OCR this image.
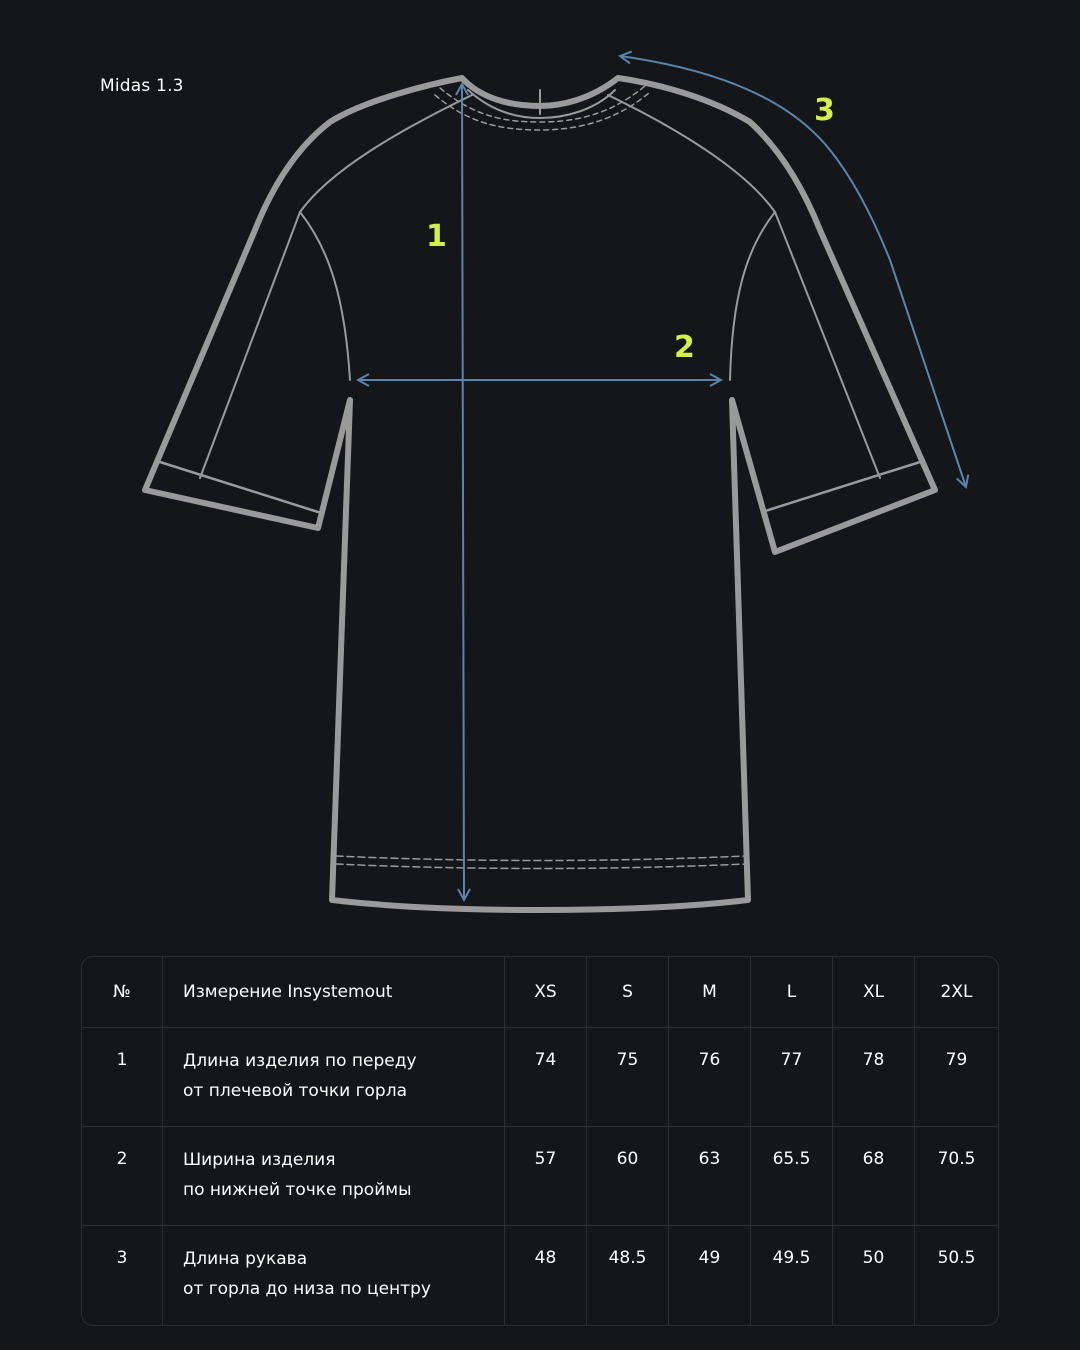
Midas 1.3
1
2
3
№	Измерение Insystemout	XS	S	M	L	XL	2XL
1	Длина изделия по переду
от плечевой точки горла	74	75	76	77	78	79
2	Ширина изделия
по нижней точке проймы	57	60	63	65.5	68	70.5
3	Длина рукава
от горла до низа по центру	48	48.5	49	49.5	50	50.5
